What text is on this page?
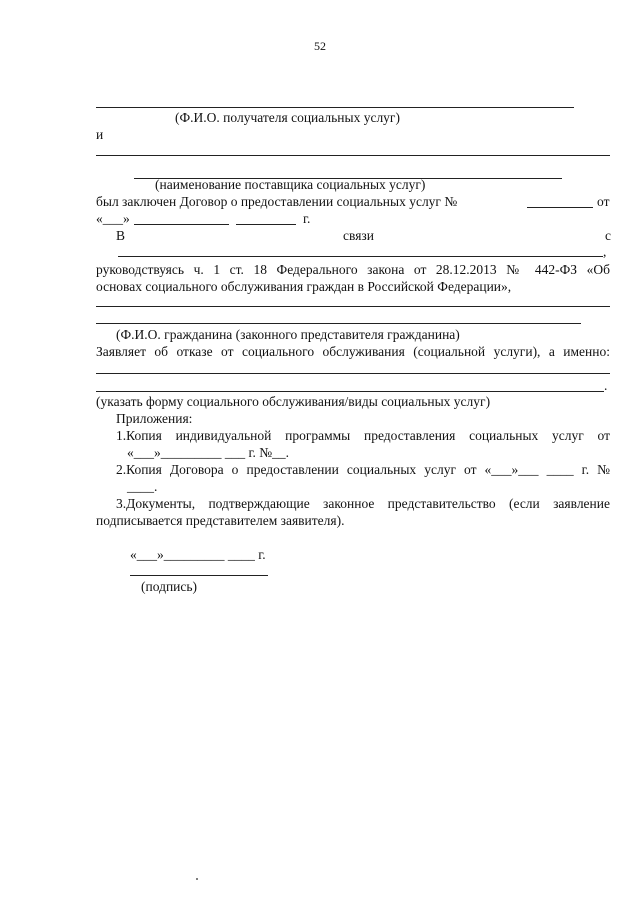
52
(Ф.И.О. получателя социальных услуг)
и
(наименование поставщика социальных услуг)
был заключен Договор о предоставлении социальных услуг №	от
«___»	г.
В	связи	с
,
руководствуясь ч. 1 ст. 18 Федерального закона от 28.12.2013 № 442-ФЗ «Об
основах социального обслуживания граждан в Российской Федерации»,
(Ф.И.О. гражданина (законного представителя гражданина)
Заявляет об отказе от социального обслуживания (социальной услуги), а именно:
.
(указать форму социального обслуживания/виды социальных услуг)
Приложения:
1.Копия индивидуальной программы предоставления социальных услуг от
«___»_________ ___ г. №__.
2.Копия Договора о предоставлении социальных услуг от «___»___ ____ г. №
____.
3.Документы, подтверждающие законное представительство (если заявление
подписывается представителем заявителя).
«___»_________ ____ г.
(подпись)
